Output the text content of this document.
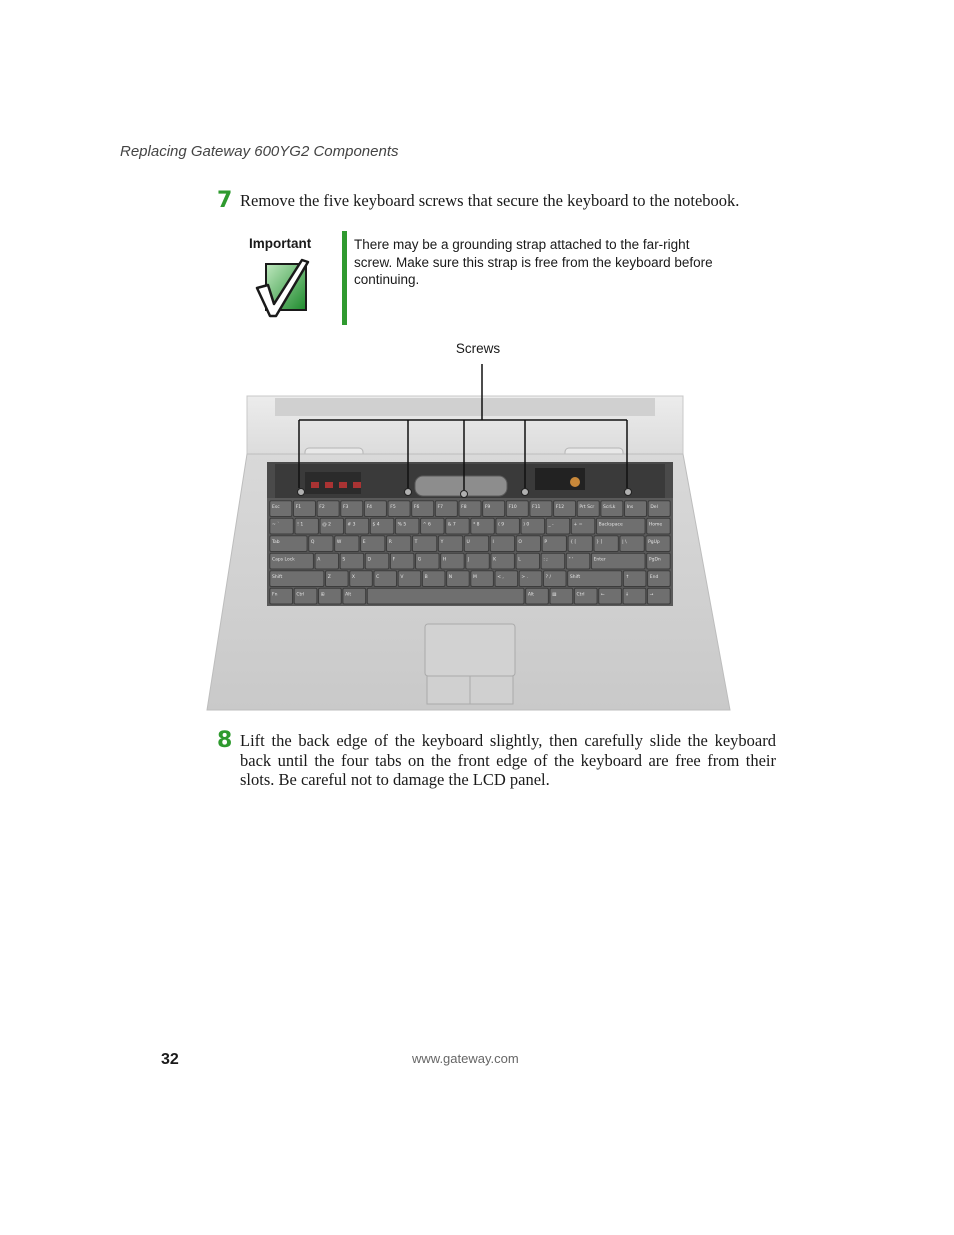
Replacing Gateway 600YG2 Components
7 Remove the five keyboard screws that secure the keyboard to the notebook.
Important	There may be a grounding strap attached to the far-right screw. Make sure this strap is free from the keyboard before continuing.
Screws
Esc	F1	F2	F3	F4	F5	F6	F7	F8	F9	F10	F11	F12	Prt Scr ScrLk	Ins	Del
~ `	! 1	@ 2	# 3	$ 4	% 5	^ 6	& 7	* 8	( 9	) 0	_ -	+ =	Backspace	Home
Tab	Q	W	E	R	T	Y	U	I	O	P	{ [	} ]	| \	PgUp
Caps Lock	A	S	D	F	G	H	J	K	L	: ;	" '	Enter	PgDn
Shift	Z	X	C	V	B	N	M	< ,	> .	? /	Shift	↑	End
Fn	Ctrl	⊞	Alt	Alt	▤	Ctrl	←	↓	→
8 Lift the back edge of the keyboard slightly, then carefully slide the keyboard back until the four tabs on the front edge of the keyboard are free from their slots. Be careful not to damage the LCD panel.
32	www.gateway.com
